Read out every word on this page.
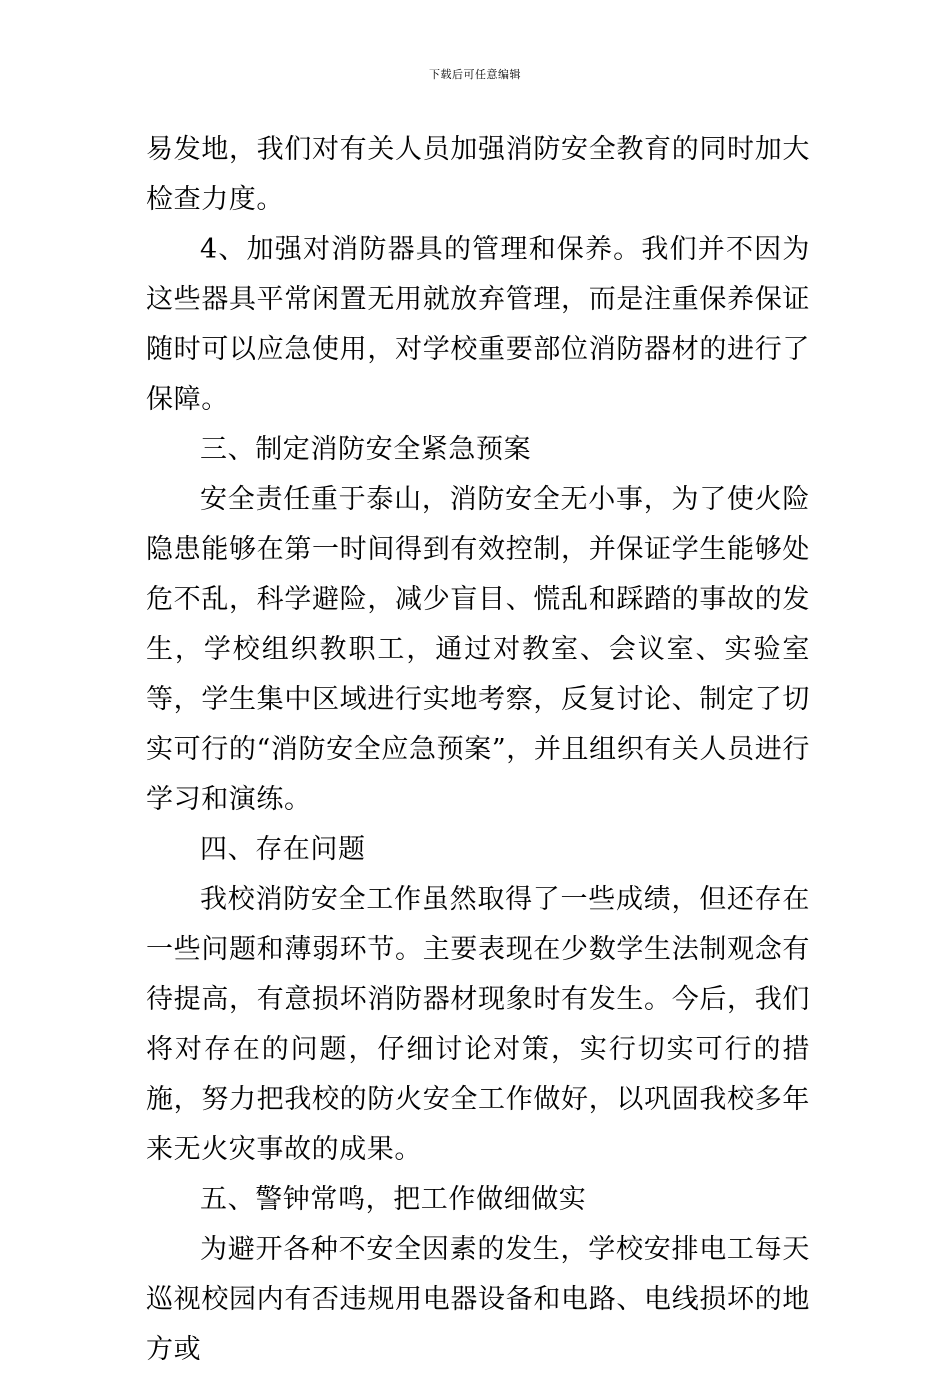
下载后可任意编辑

易发地，我们对有关人员加强消防安全教育的同时加大检查力度。

4、加强对消防器具的管理和保养。我们并不因为这些器具平常闲置无用就放弃管理，而是注重保养保证随时可以应急使用，对学校重要部位消防器材的进行了保障。

三、制定消防安全紧急预案

安全责任重于泰山，消防安全无小事，为了使火险隐患能够在第一时间得到有效控制，并保证学生能够处危不乱，科学避险，减少盲目、慌乱和踩踏的事故的发生，学校组织教职工，通过对教室、会议室、实验室等，学生集中区域进行实地考察，反复讨论、制定了切实可行的“消防安全应急预案”，并且组织有关人员进行学习和演练。

四、存在问题

我校消防安全工作虽然取得了一些成绩，但还存在一些问题和薄弱环节。主要表现在少数学生法制观念有待提高，有意损坏消防器材现象时有发生。今后，我们将对存在的问题，仔细讨论对策，实行切实可行的措施，努力把我校的防火安全工作做好，以巩固我校多年来无火灾事故的成果。

五、警钟常鸣，把工作做细做实

为避开各种不安全因素的发生，学校安排电工每天巡视校园内有否违规用电器设备和电路、电线损坏的地方或
